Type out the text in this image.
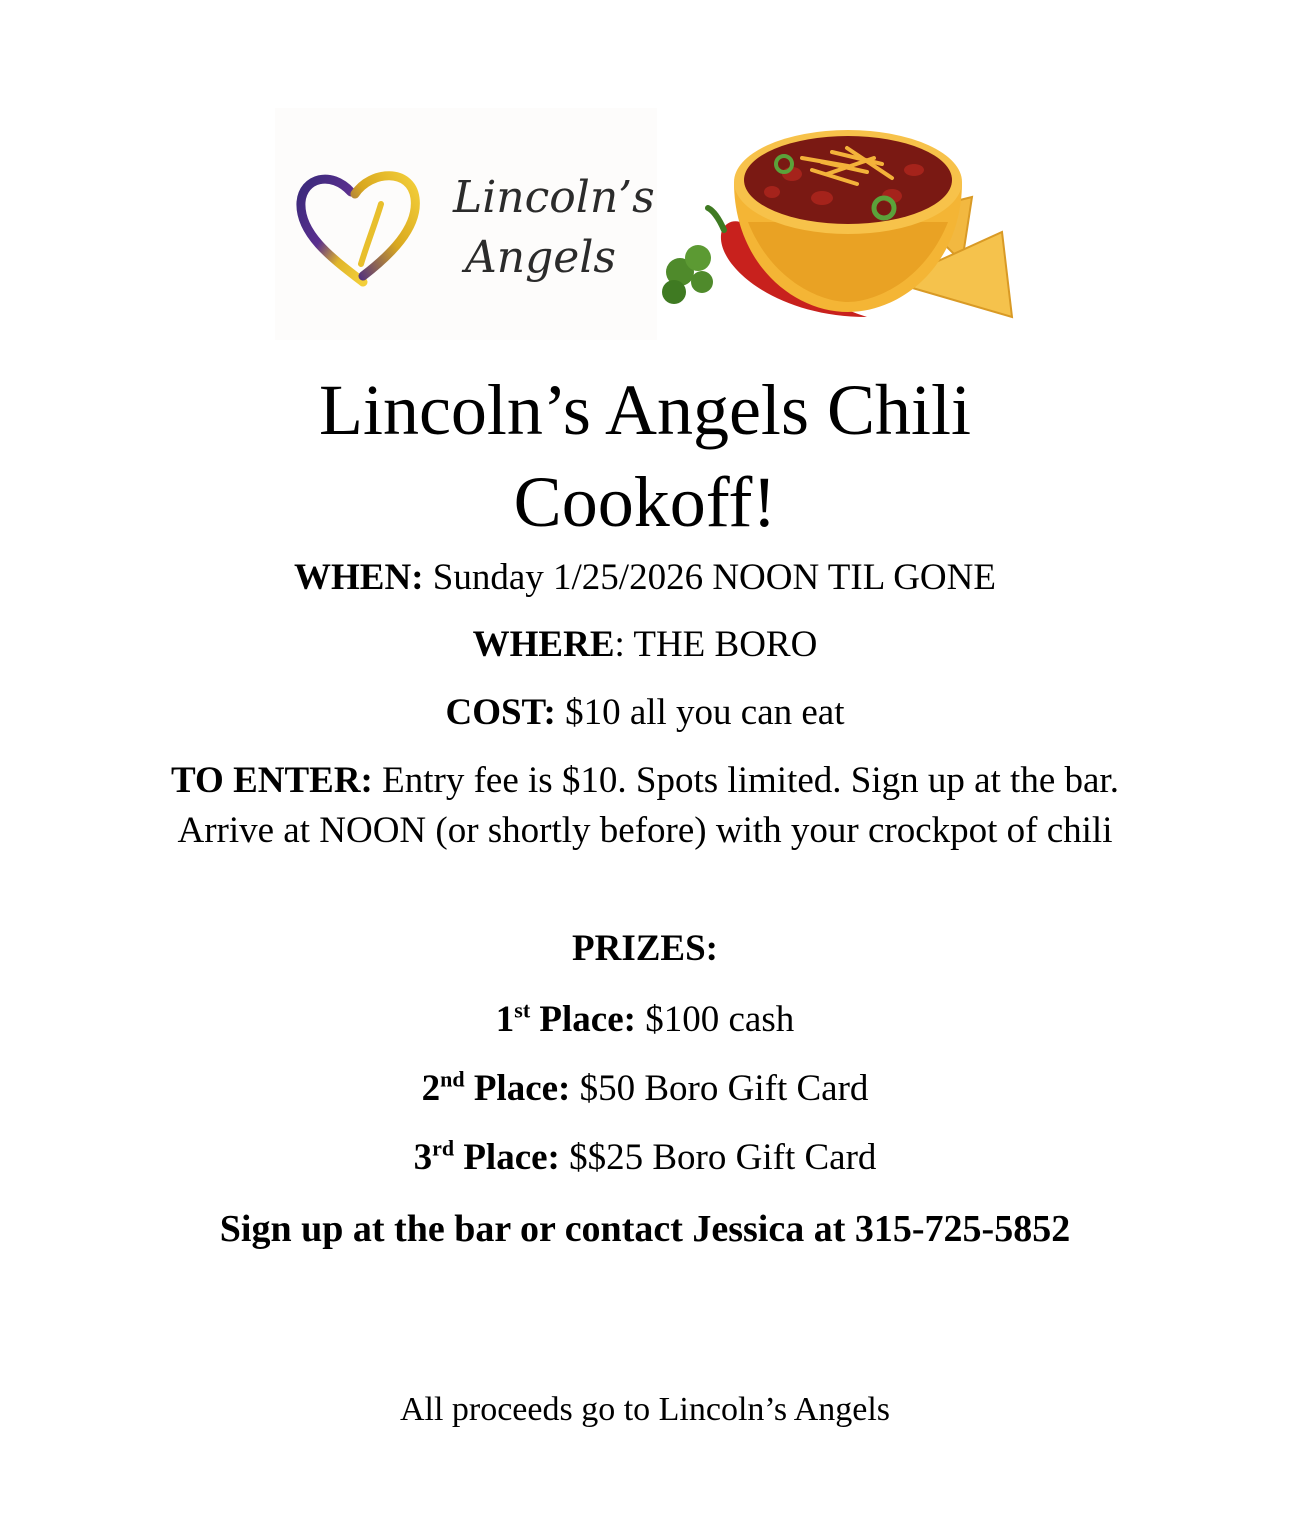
Lincoln’s
Angels
Lincoln’s Angels Chili
Cookoff!

WHEN: Sunday 1/25/2026 NOON TIL GONE

WHERE: THE BORO

COST: $10 all you can eat

TO ENTER: Entry fee is $10. Spots limited. Sign up at the bar. Arrive at NOON (or shortly before) with your crockpot of chili

PRIZES:

1st Place: $100 cash

2nd Place: $50 Boro Gift Card

3rd Place: $$25 Boro Gift Card

Sign up at the bar or contact Jessica at 315-725-5852

All proceeds go to Lincoln’s Angels
